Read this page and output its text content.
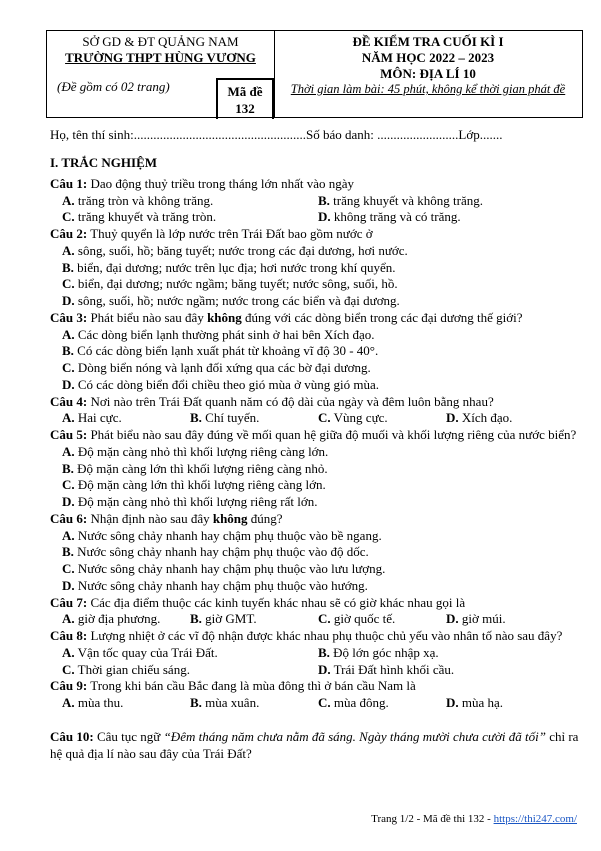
SỞ GD & ĐT QUẢNG NAM
TRƯỜNG THPT HÙNG VƯƠNG
(Đề gồm có 02 trang)	Mã đề
132
ĐỀ KIỂM TRA CUỐI KÌ I
NĂM HỌC 2022 – 2023
MÔN: ĐỊA LÍ 10
Thời gian làm bài: 45 phút, không kể thời gian phát đề
Họ, tên thí sinh:.....................................................Số báo danh: .........................Lớp.......
I. TRẮC NGHIỆM
Câu 1: Dao động thuỷ triều trong tháng lớn nhất vào ngày
A. trăng tròn và không trăng.	B. trăng khuyết và không trăng.
C. trăng khuyết và trăng tròn.	D. không trăng và có trăng.
Câu 2: Thuỷ quyển là lớp nước trên Trái Đất bao gồm nước ở
A. sông, suối, hồ; băng tuyết; nước trong các đại dương, hơi nước.
B. biển, đại dương; nước trên lục địa; hơi nước trong khí quyển.
C. biển, đại dương; nước ngầm; băng tuyết; nước sông, suối, hồ.
D. sông, suối, hồ; nước ngầm; nước trong các biển và đại dương.
Câu 3: Phát biểu nào sau đây không đúng với các dòng biển trong các đại dương thế giới?
A. Các dòng biển lạnh thường phát sinh ở hai bên Xích đạo.
B. Có các dòng biển lạnh xuất phát từ khoảng vĩ độ 30 - 40°.
C. Dòng biển nóng và lạnh đối xứng qua các bờ đại dương.
D. Có các dòng biển đổi chiều theo gió mùa ở vùng gió mùa.
Câu 4: Nơi nào trên Trái Đất quanh năm có độ dài của ngày và đêm luôn bằng nhau?
A. Hai cực.	B. Chí tuyến.	C. Vùng cực.	D. Xích đạo.
Câu 5: Phát biểu nào sau đây đúng về mối quan hệ giữa độ muối và khối lượng riêng của nước biển?
A. Độ mặn càng nhỏ thì khối lượng riêng càng lớn.
B. Độ mặn càng lớn thì khối lượng riêng càng nhỏ.
C. Độ mặn càng lớn thì khối lượng riêng càng lớn.
D. Độ mặn càng nhỏ thì khối lượng riêng rất lớn.
Câu 6: Nhận định nào sau đây không đúng?
A. Nước sông chảy nhanh hay chậm phụ thuộc vào bề ngang.
B. Nước sông chảy nhanh hay chậm phụ thuộc vào độ dốc.
C. Nước sông chảy nhanh hay chậm phụ thuộc vào lưu lượng.
D. Nước sông chảy nhanh hay chậm phụ thuộc vào hướng.
Câu 7: Các địa điểm thuộc các kinh tuyến khác nhau sẽ có giờ khác nhau gọi là
A. giờ địa phương.	B. giờ GMT.	C. giờ quốc tế.	D. giờ múi.
Câu 8: Lượng nhiệt ở các vĩ độ nhận được khác nhau phụ thuộc chủ yếu vào nhân tố nào sau đây?
A. Vận tốc quay của Trái Đất.	B. Độ lớn góc nhập xạ.
C. Thời gian chiếu sáng.	D. Trái Đất hình khối cầu.
Câu 9: Trong khi bán cầu Bắc đang là mùa đông thì ở bán cầu Nam là
A. mùa thu.	B. mùa xuân.	C. mùa đông.	D. mùa hạ.
Câu 10: Câu tục ngữ “Đêm tháng năm chưa nằm đã sáng. Ngày tháng mười chưa cười đã tối” chỉ ra hệ quả địa lí nào sau đây của Trái Đất?
Trang 1/2 - Mã đề thi 132 - https://thi247.com/
